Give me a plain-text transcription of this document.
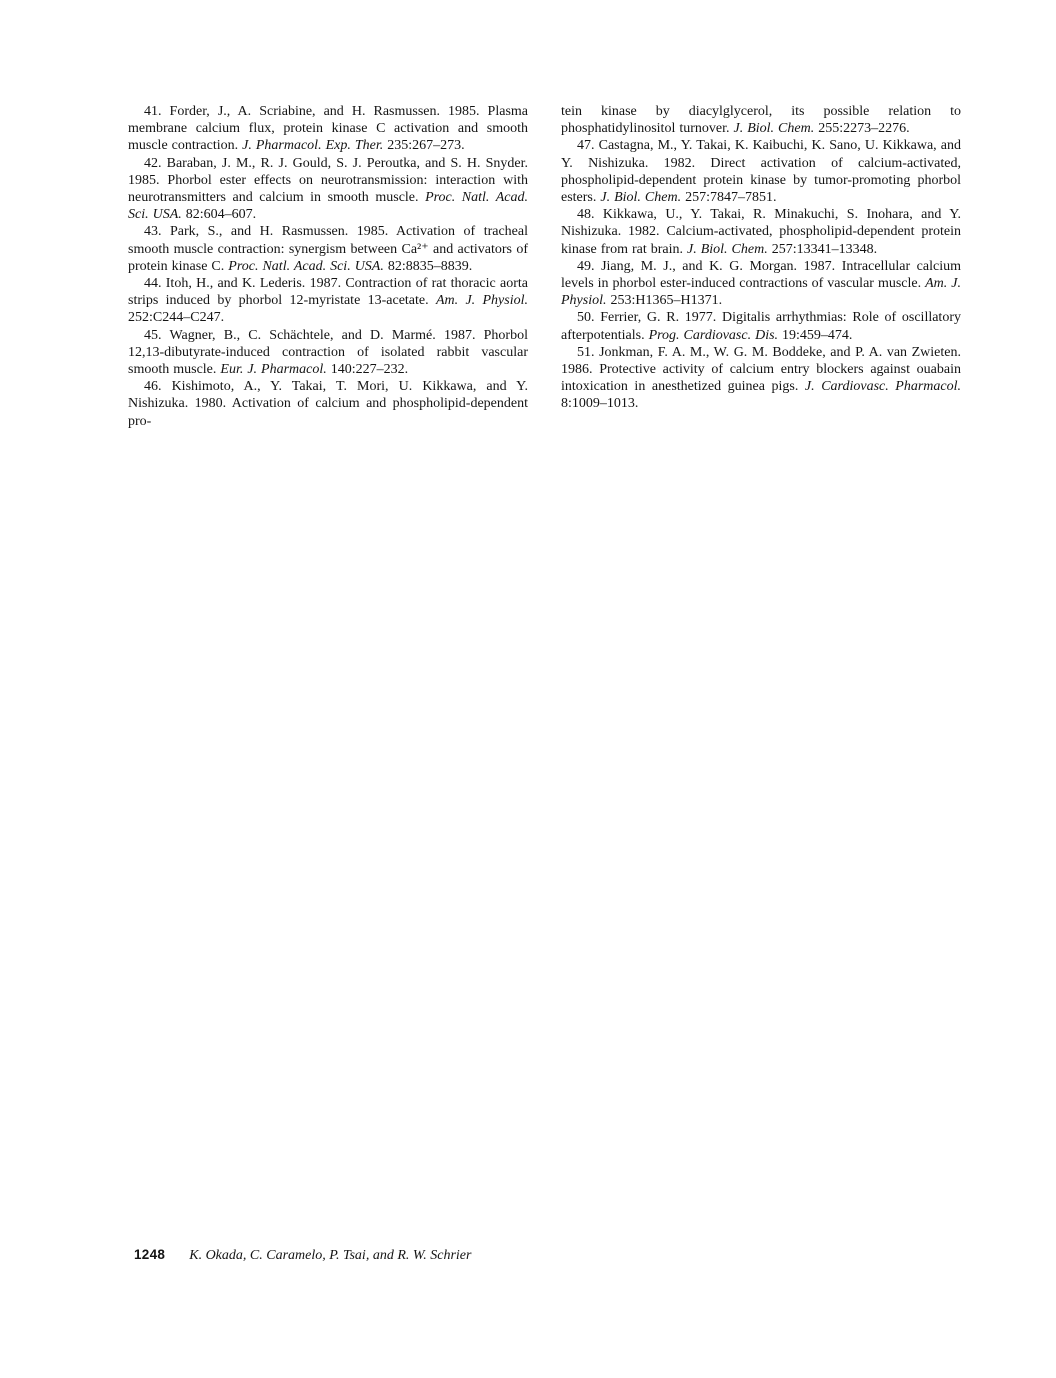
41. Forder, J., A. Scriabine, and H. Rasmussen. 1985. Plasma membrane calcium flux, protein kinase C activation and smooth muscle contraction. J. Pharmacol. Exp. Ther. 235:267–273.

42. Baraban, J. M., R. J. Gould, S. J. Peroutka, and S. H. Snyder. 1985. Phorbol ester effects on neurotransmission: interaction with neurotransmitters and calcium in smooth muscle. Proc. Natl. Acad. Sci. USA. 82:604–607.

43. Park, S., and H. Rasmussen. 1985. Activation of tracheal smooth muscle contraction: synergism between Ca²⁺ and activators of protein kinase C. Proc. Natl. Acad. Sci. USA. 82:8835–8839.

44. Itoh, H., and K. Lederis. 1987. Contraction of rat thoracic aorta strips induced by phorbol 12-myristate 13-acetate. Am. J. Physiol. 252:C244–C247.

45. Wagner, B., C. Schächtele, and D. Marmé. 1987. Phorbol 12,13-dibutyrate-induced contraction of isolated rabbit vascular smooth muscle. Eur. J. Pharmacol. 140:227–232.

46. Kishimoto, A., Y. Takai, T. Mori, U. Kikkawa, and Y. Nishizuka. 1980. Activation of calcium and phospholipid-dependent pro-

tein kinase by diacylglycerol, its possible relation to phosphatidylinositol turnover. J. Biol. Chem. 255:2273–2276.

47. Castagna, M., Y. Takai, K. Kaibuchi, K. Sano, U. Kikkawa, and Y. Nishizuka. 1982. Direct activation of calcium-activated, phospholipid-dependent protein kinase by tumor-promoting phorbol esters. J. Biol. Chem. 257:7847–7851.

48. Kikkawa, U., Y. Takai, R. Minakuchi, S. Inohara, and Y. Nishizuka. 1982. Calcium-activated, phospholipid-dependent protein kinase from rat brain. J. Biol. Chem. 257:13341–13348.

49. Jiang, M. J., and K. G. Morgan. 1987. Intracellular calcium levels in phorbol ester-induced contractions of vascular muscle. Am. J. Physiol. 253:H1365–H1371.

50. Ferrier, G. R. 1977. Digitalis arrhythmias: Role of oscillatory afterpotentials. Prog. Cardiovasc. Dis. 19:459–474.

51. Jonkman, F. A. M., W. G. M. Boddeke, and P. A. van Zwieten. 1986. Protective activity of calcium entry blockers against ouabain intoxication in anesthetized guinea pigs. J. Cardiovasc. Pharmacol. 8:1009–1013.

1248 K. Okada, C. Caramelo, P. Tsai, and R. W. Schrier
